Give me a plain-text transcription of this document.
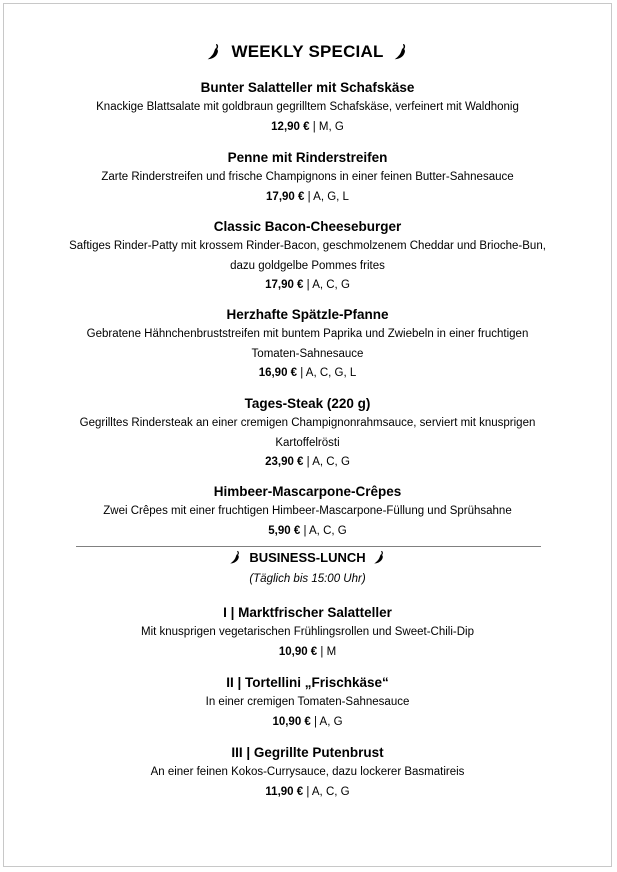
WEEKLY SPECIAL
Bunter Salatteller mit Schafskäse
Knackige Blattsalate mit goldbraun gegrilltem Schafskäse, verfeinert mit Waldhonig
12,90 € | M, G
Penne mit Rinderstreifen
Zarte Rinderstreifen und frische Champignons in einer feinen Butter-Sahnesauce
17,90 € | A, G, L
Classic Bacon-Cheeseburger
Saftiges Rinder-Patty mit krossem Rinder-Bacon, geschmolzenem Cheddar und Brioche-Bun, dazu goldgelbe Pommes frites
17,90 € | A, C, G
Herzhafte Spätzle-Pfanne
Gebratene Hähnchenbruststreifen mit buntem Paprika und Zwiebeln in einer fruchtigen Tomaten-Sahnesauce
16,90 € | A, C, G, L
Tages-Steak (220 g)
Gegrilltes Rindersteak an einer cremigen Champignonrahmsauce, serviert mit knusprigen Kartoffelrösti
23,90 € | A, C, G
Himbeer-Mascarpone-Crêpes
Zwei Crêpes mit einer fruchtigen Himbeer-Mascarpone-Füllung und Sprühsahne
5,90 € | A, C, G
BUSINESS-LUNCH
(Täglich bis 15:00 Uhr)
I | Marktfrischer Salatteller
Mit knusprigen vegetarischen Frühlingsrollen und Sweet-Chili-Dip
10,90 € | M
II | Tortellini „Frischkäse“
In einer cremigen Tomaten-Sahnesauce
10,90 € | A, G
III | Gegrillte Putenbrust
An einer feinen Kokos-Currysauce, dazu lockerer Basmatireis
11,90 € | A, C, G
